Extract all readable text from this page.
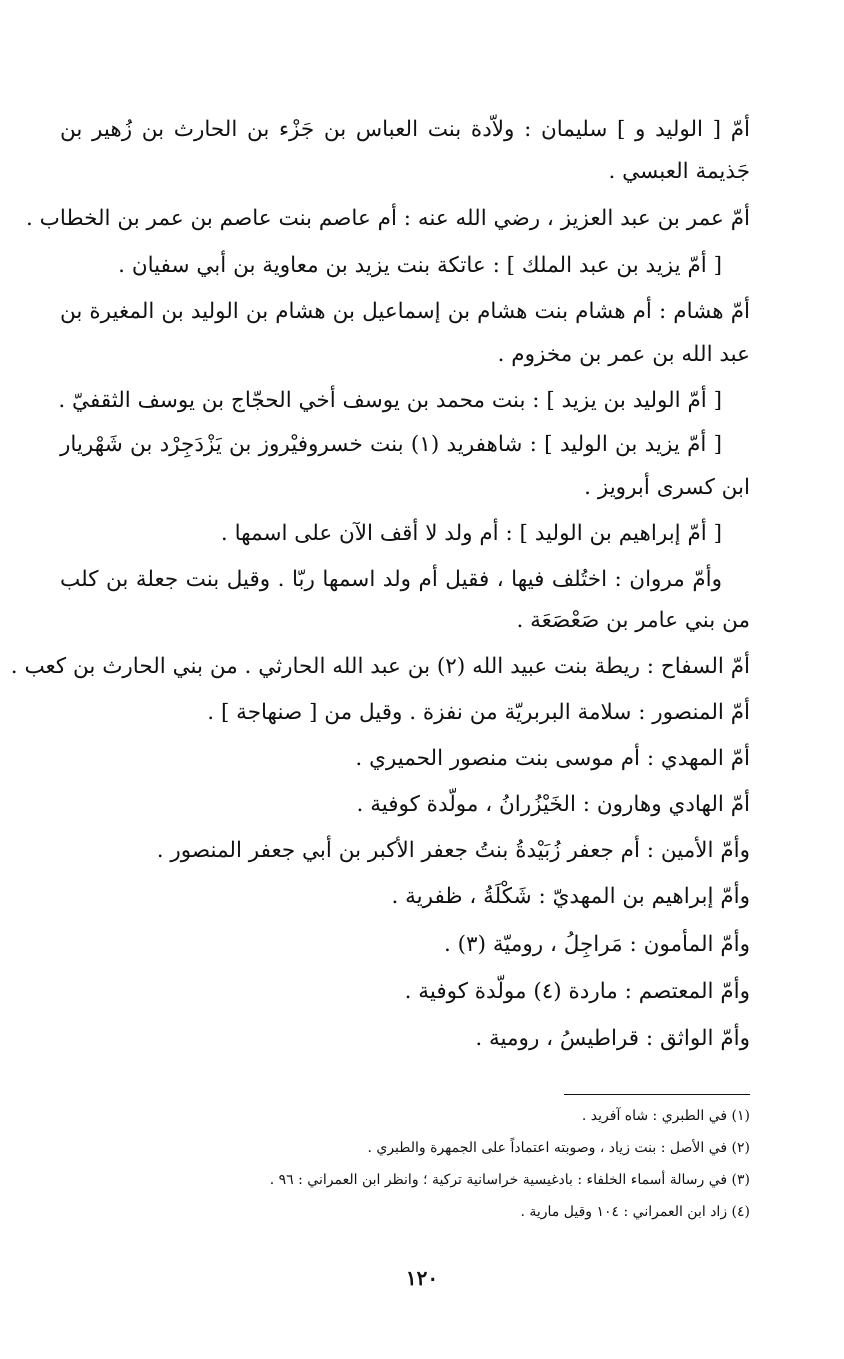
أمّ [ الوليد و ] سليمان : ولاّدة بنت العباس بن جَزْء بن الحارث بن زُهير بن
جَذيمة العبسي .
أمّ عمر بن عبد العزيز ، رضي الله عنه : أم عاصم بنت عاصم بن عمر بن الخطاب .
[ أمّ يزيد بن عبد الملك ] : عاتكة بنت يزيد بن معاوية بن أبي سفيان .
أمّ هشام : أم هشام بنت هشام بن إسماعيل بن هشام بن الوليد بن المغيرة بن
عبد الله بن عمر بن مخزوم .
[ أمّ الوليد بن يزيد ] : بنت محمد بن يوسف أخي الحجّاج بن يوسف الثقفيّ .
[ أمّ يزيد بن الوليد ] : شاهفريد (١) بنت خسروفيْروز بن يَزْدَجِرْد بن شَهْريار
ابن كسرى أبرويز .
[ أمّ إبراهيم بن الوليد ] : أم ولد لا أقف الآن على اسمها .
وأمّ مروان : اختُلف فيها ، فقيل أم ولد اسمها ربّا . وقيل بنت جعلة بن كلب
من بني عامر بن صَعْصَعَة .
أمّ السفاح : ريطة بنت عبيد الله (٢) بن عبد الله الحارثي . من بني الحارث بن كعب .
أمّ المنصور : سلامة البربريّة من نفزة . وقيل من [ صنهاجة ] .
أمّ المهدي : أم موسى بنت منصور الحميري .
أمّ الهادي وهارون : الخَيْزُرانُ ، مولّدة كوفية .
وأمّ الأمين : أم جعفر زُبَيْدةُ بنتُ جعفر الأكبر بن أبي جعفر المنصور .
وأمّ إبراهيم بن المهديّ : شَكْلَةُ ، ظفرية .
وأمّ المأمون : مَراجِلُ ، روميّة (٣) .
وأمّ المعتصم : ماردة (٤) مولّدة كوفية .
وأمّ الواثق : قراطيسُ ، رومية .
(١) في الطبري : شاه آفريد .
(٢) في الأصل : بنت زياد ، وصوبته اعتماداً على الجمهرة والطبري .
(٣) في رسالة أسماء الخلفاء : بادغيسية خراسانية تركية ؛ وانظر ابن العمراني : ٩٦ .
(٤) زاد ابن العمراني : ١٠٤ وقيل مارية .
١٢٠
